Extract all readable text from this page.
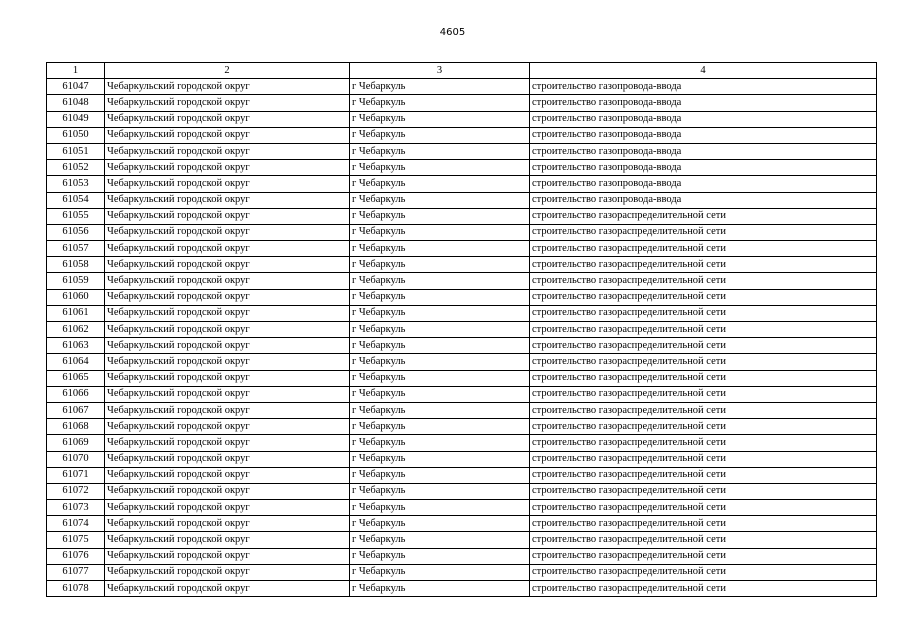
4605
1	2	3	4
61047	Чебаркульский городской округ	г Чебаркуль	строительство газопровода-ввода
61048	Чебаркульский городской округ	г Чебаркуль	строительство газопровода-ввода
61049	Чебаркульский городской округ	г Чебаркуль	строительство газопровода-ввода
61050	Чебаркульский городской округ	г Чебаркуль	строительство газопровода-ввода
61051	Чебаркульский городской округ	г Чебаркуль	строительство газопровода-ввода
61052	Чебаркульский городской округ	г Чебаркуль	строительство газопровода-ввода
61053	Чебаркульский городской округ	г Чебаркуль	строительство газопровода-ввода
61054	Чебаркульский городской округ	г Чебаркуль	строительство газопровода-ввода
61055	Чебаркульский городской округ	г Чебаркуль	строительство газораспределительной сети
61056	Чебаркульский городской округ	г Чебаркуль	строительство газораспределительной сети
61057	Чебаркульский городской округ	г Чебаркуль	строительство газораспределительной сети
61058	Чебаркульский городской округ	г Чебаркуль	строительство газораспределительной сети
61059	Чебаркульский городской округ	г Чебаркуль	строительство газораспределительной сети
61060	Чебаркульский городской округ	г Чебаркуль	строительство газораспределительной сети
61061	Чебаркульский городской округ	г Чебаркуль	строительство газораспределительной сети
61062	Чебаркульский городской округ	г Чебаркуль	строительство газораспределительной сети
61063	Чебаркульский городской округ	г Чебаркуль	строительство газораспределительной сети
61064	Чебаркульский городской округ	г Чебаркуль	строительство газораспределительной сети
61065	Чебаркульский городской округ	г Чебаркуль	строительство газораспределительной сети
61066	Чебаркульский городской округ	г Чебаркуль	строительство газораспределительной сети
61067	Чебаркульский городской округ	г Чебаркуль	строительство газораспределительной сети
61068	Чебаркульский городской округ	г Чебаркуль	строительство газораспределительной сети
61069	Чебаркульский городской округ	г Чебаркуль	строительство газораспределительной сети
61070	Чебаркульский городской округ	г Чебаркуль	строительство газораспределительной сети
61071	Чебаркульский городской округ	г Чебаркуль	строительство газораспределительной сети
61072	Чебаркульский городской округ	г Чебаркуль	строительство газораспределительной сети
61073	Чебаркульский городской округ	г Чебаркуль	строительство газораспределительной сети
61074	Чебаркульский городской округ	г Чебаркуль	строительство газораспределительной сети
61075	Чебаркульский городской округ	г Чебаркуль	строительство газораспределительной сети
61076	Чебаркульский городской округ	г Чебаркуль	строительство газораспределительной сети
61077	Чебаркульский городской округ	г Чебаркуль	строительство газораспределительной сети
61078	Чебаркульский городской округ	г Чебаркуль	строительство газораспределительной сети
